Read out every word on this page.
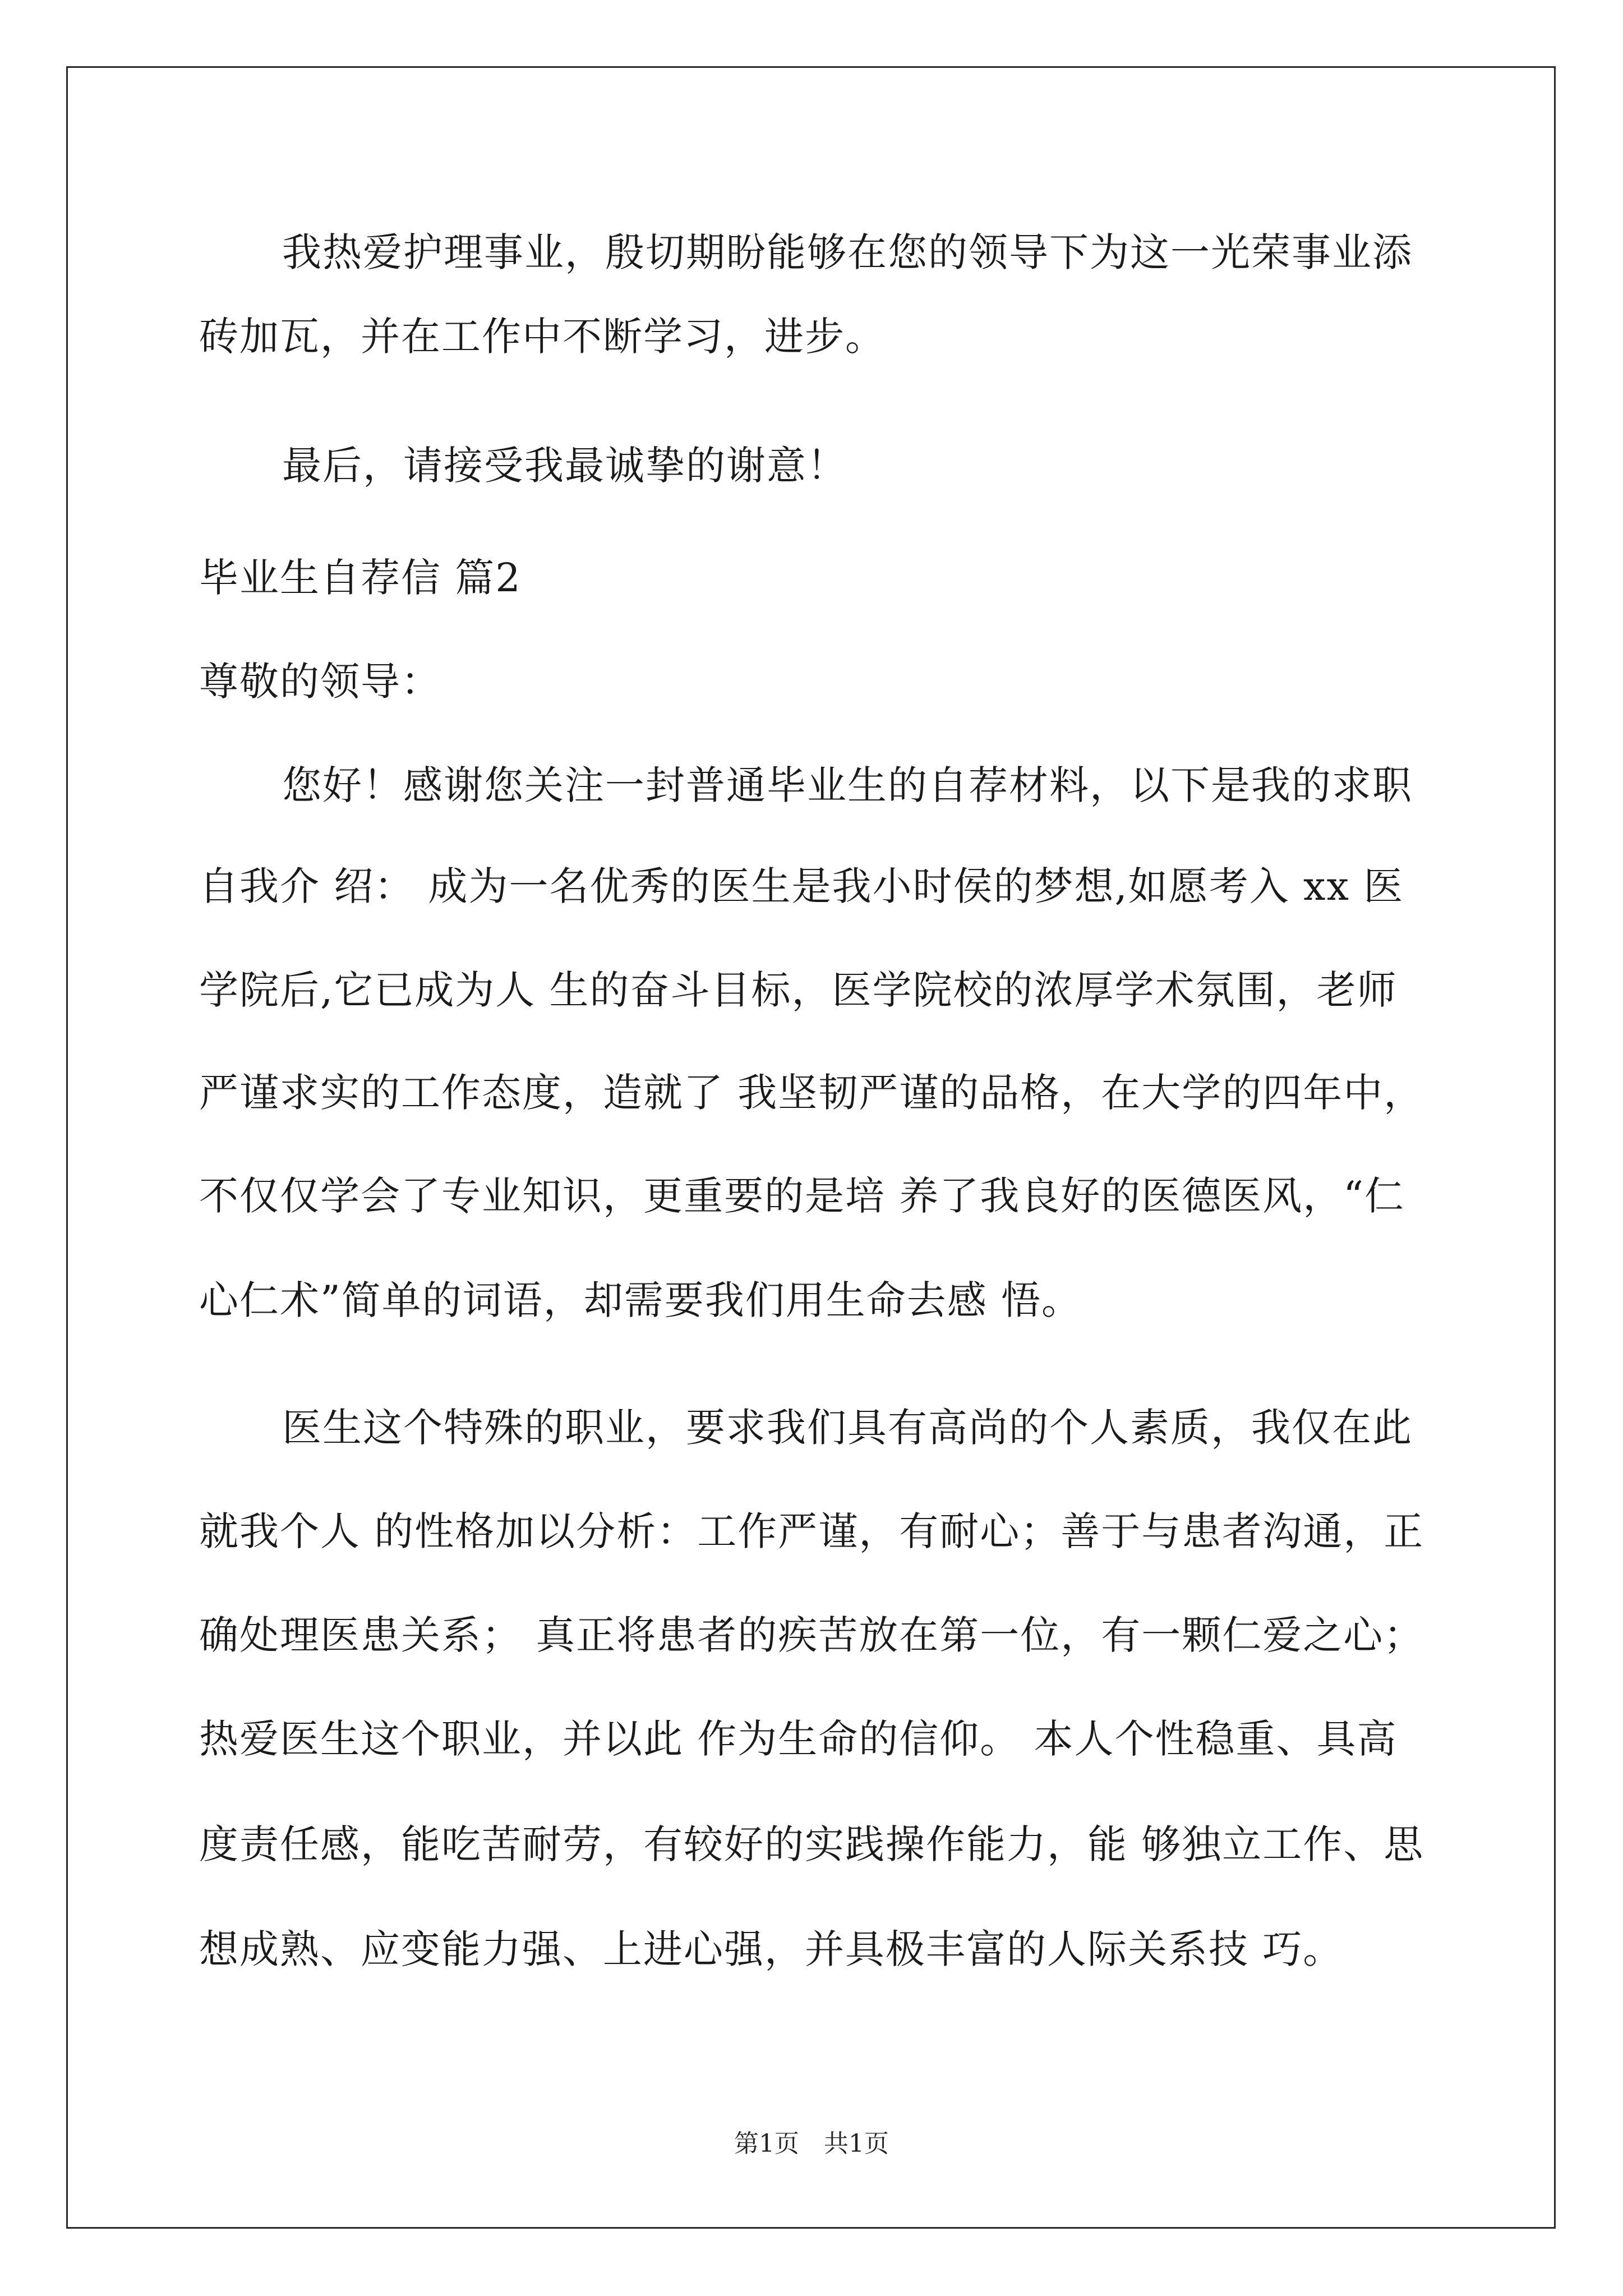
我热爱护理事业，殷切期盼能够在您的领导下为这一光荣事业添
砖加瓦，并在工作中不断学习，进步。
最后，请接受我最诚挚的谢意！
毕业生自荐信 篇2
尊敬的领导：
您好！感谢您关注一封普通毕业生的自荐材料，以下是我的求职
自我介 绍： 成为一名优秀的医生是我小时侯的梦想,如愿考入 xx 医
学院后,它已成为人 生的奋斗目标，医学院校的浓厚学术氛围，老师
严谨求实的工作态度，造就了 我坚韧严谨的品格，在大学的四年中，
不仅仅学会了专业知识，更重要的是培 养了我良好的医德医风，“仁
心仁术”简单的词语，却需要我们用生命去感 悟。
医生这个特殊的职业，要求我们具有高尚的个人素质，我仅在此
就我个人 的性格加以分析：工作严谨，有耐心；善于与患者沟通，正
确处理医患关系； 真正将患者的疾苦放在第一位，有一颗仁爱之心；
热爱医生这个职业，并以此 作为生命的信仰。 本人个性稳重、具高
度责任感，能吃苦耐劳，有较好的实践操作能力，能 够独立工作、思
想成熟、应变能力强、上进心强，并具极丰富的人际关系技 巧。
第1页　共1页
